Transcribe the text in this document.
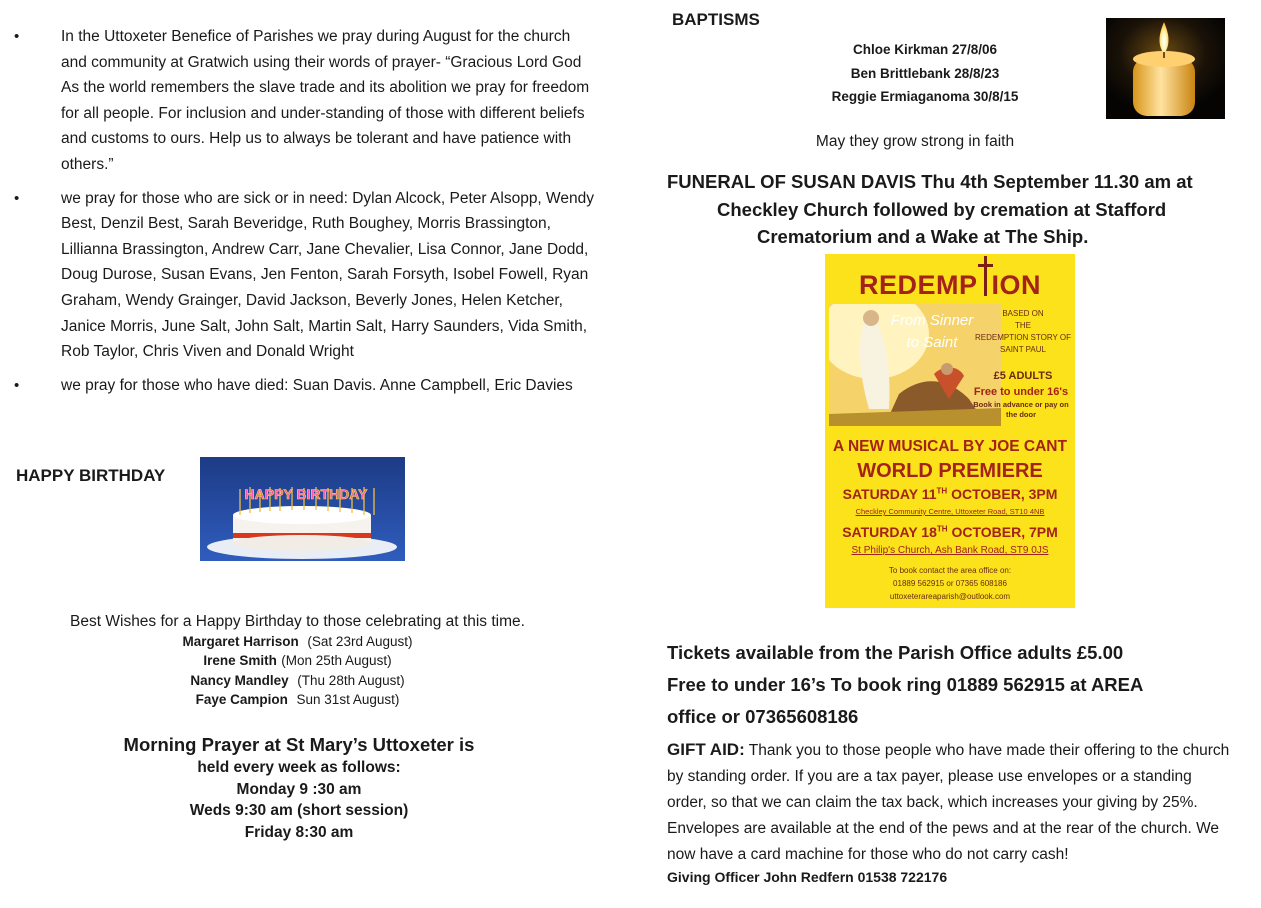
• In the Uttoxeter Benefice of Parishes we pray during August for the church and community at Gratwich using their words of prayer- “Gracious Lord God As the world remembers the slave trade and its abolition we pray for freedom for all people. For inclusion and under-standing of those with different beliefs and customs to ours. Help us to always be tolerant and have patience with others.”
• we pray for those who are sick or in need: Dylan Alcock, Peter Alsopp, Wendy Best, Denzil Best, Sarah Beveridge, Ruth Boughey, Morris Brassington, Lillianna Brassington, Andrew Carr, Jane Chevalier, Lisa Connor, Jane Dodd, Doug Durose, Susan Evans, Jen Fenton, Sarah Forsyth, Isobel Fowell, Ryan Graham, Wendy Grainger, David Jackson, Beverly Jones, Helen Ketcher, Janice Morris, June Salt, John Salt, Martin Salt, Harry Saunders, Vida Smith, Rob Taylor, Chris Viven and Donald Wright
• we pray for those who have died: Suan Davis. Anne Campbell, Eric Davies
HAPPY BIRTHDAY
HAPPY BIRTHDAY
Best Wishes for a Happy Birthday to those celebrating at this time.
Margaret Harrison (Sat 23rd August)
Irene Smith (Mon 25th August)
Nancy Mandley (Thu 28th August)
Faye Campion Sun 31st August)
Morning Prayer at St Mary’s Uttoxeter is
held every week as follows:
Monday 9 :30 am
Weds 9:30 am (short session)
Friday 8:30 am
BAPTISMS
Chloe Kirkman 27/8/06
Ben Brittlebank 28/8/23
Reggie Ermiaganoma 30/8/15
May they grow strong in faith
FUNERAL OF SUSAN DAVIS Thu 4th September 11.30 am at
Checkley Church followed by cremation at Stafford
Crematorium and a Wake at The Ship.
REDEMP ION
From Sinner
to Saint
BASED ON
THE
REDEMPTION STORY OF
SAINT PAUL
£5 ADULTS
Free to under 16's
Book in advance or pay on
the door
A NEW MUSICAL BY JOE CANT
WORLD PREMIERE
SATURDAY 11TH OCTOBER, 3PM
Checkley Community Centre, Uttoxeter Road, ST10 4NB
SATURDAY 18TH OCTOBER, 7PM
St Philip's Church, Ash Bank Road, ST9 0JS
To book contact the area office on:
01889 562915 or 07365 608186
uttoxeterareaparish@outlook.com
Tickets available from the Parish Office adults £5.00
Free to under 16’s To book ring 01889 562915 at AREA
office or 07365608186
GIFT AID: Thank you to those people who have made their offering to the church by standing order. If you are a tax payer, please use envelopes or a standing order, so that we can claim the tax back, which increases your giving by 25%. Envelopes are available at the end of the pews and at the rear of the church. We now have a card machine for those who do not carry cash!
Giving Officer John Redfern 01538 722176
